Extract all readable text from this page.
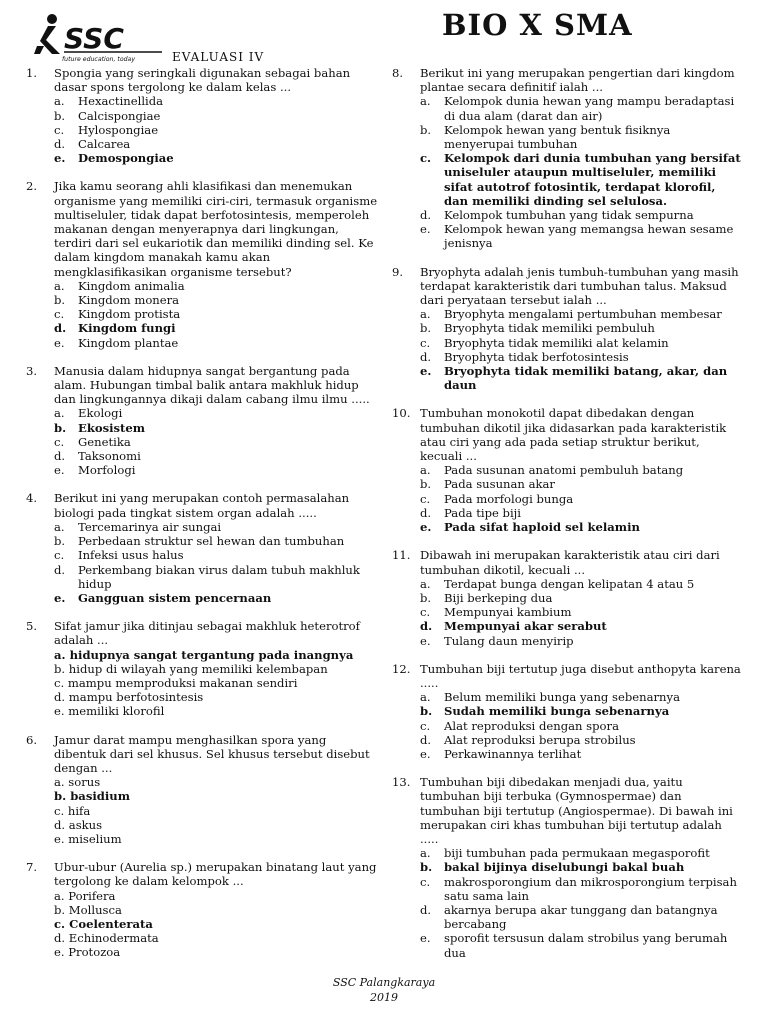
SSC
future education, today	EVALUASI IV
BIO X SMA
1. Spongia yang seringkali digunakan sebagai bahan dasar spons tergolong ke dalam kelas ...
a. Hexactinellida
b. Calcispongiae
c. Hylospongiae
d. Calcarea
e. Demospongiae
2. Jika kamu seorang ahli klasifikasi dan menemukan organisme yang memiliki ciri-ciri, termasuk organisme multiseluler, tidak dapat berfotosintesis, memperoleh makanan dengan menyerapnya dari lingkungan, terdiri dari sel eukariotik dan memiliki dinding sel. Ke dalam kingdom manakah kamu akan mengklasifikasikan organisme tersebut?
a. Kingdom animalia
b. Kingdom monera
c. Kingdom protista
d. Kingdom fungi
e. Kingdom plantae
3. Manusia dalam hidupnya sangat bergantung pada alam. Hubungan timbal balik antara makhluk hidup dan lingkungannya dikaji dalam cabang ilmu ilmu .....
a. Ekologi
b. Ekosistem
c. Genetika
d. Taksonomi
e. Morfologi
4. Berikut ini yang merupakan contoh permasalahan biologi pada tingkat sistem organ adalah .....
a. Tercemarinya air sungai
b. Perbedaan struktur sel hewan dan tumbuhan
c. Infeksi usus halus
d. Perkembang biakan virus dalam tubuh makhluk hidup
e. Gangguan sistem pencernaan
5. Sifat jamur jika ditinjau sebagai makhluk heterotrof adalah ...
a. hidupnya sangat tergantung pada inangnya
b. hidup di wilayah yang memiliki kelembapan
c. mampu memproduksi makanan sendiri
d. mampu berfotosintesis
e. memiliki klorofil
6. Jamur darat mampu menghasilkan spora yang dibentuk dari sel khusus. Sel khusus tersebut disebut dengan ...
a. sorus
b. basidium
c. hifa
d. askus
e. miselium
7. Ubur-ubur (Aurelia sp.) merupakan binatang laut yang tergolong ke dalam kelompok ...
a. Porifera
b. Mollusca
c. Coelenterata
d. Echinodermata
e. Protozoa
8. Berikut ini yang merupakan pengertian dari kingdom plantae secara definitif ialah ...
a. Kelompok dunia hewan yang mampu beradaptasi di dua alam (darat dan air)
b. Kelompok hewan yang bentuk fisiknya menyerupai tumbuhan
c. Kelompok dari dunia tumbuhan yang bersifat uniseluler ataupun multiseluler, memiliki sifat autotrof fotosintik, terdapat klorofil, dan memiliki dinding sel selulosa.
d. Kelompok tumbuhan yang tidak sempurna
e. Kelompok hewan yang memangsa hewan sesame jenisnya
9. Bryophyta adalah jenis tumbuh-tumbuhan yang masih terdapat karakteristik dari tumbuhan talus. Maksud dari peryataan tersebut ialah ...
a. Bryophyta mengalami pertumbuhan membesar
b. Bryophyta tidak memiliki pembuluh
c. Bryophyta tidak memiliki alat kelamin
d. Bryophyta tidak berfotosintesis
e. Bryophyta tidak memiliki batang, akar, dan daun
10. Tumbuhan monokotil dapat dibedakan dengan tumbuhan dikotil jika didasarkan pada karakteristik atau ciri yang ada pada setiap struktur berikut, kecuali ...
a. Pada susunan anatomi pembuluh batang
b. Pada susunan akar
c. Pada morfologi bunga
d. Pada tipe biji
e. Pada sifat haploid sel kelamin
11. Dibawah ini merupakan karakteristik atau ciri dari tumbuhan dikotil, kecuali ...
a. Terdapat bunga dengan kelipatan 4 atau 5
b. Biji berkeping dua
c. Mempunyai kambium
d. Mempunyai akar serabut
e. Tulang daun menyirip
12. Tumbuhan biji tertutup juga disebut anthopyta karena .....
a. Belum memiliki bunga yang sebenarnya
b. Sudah memiliki bunga sebenarnya
c. Alat reproduksi dengan spora
d. Alat reproduksi berupa strobilus
e. Perkawinannya terlihat
13. Tumbuhan biji dibedakan menjadi dua, yaitu tumbuhan biji terbuka (Gymnospermae) dan tumbuhan biji tertutup (Angiospermae). Di bawah ini merupakan ciri khas tumbuhan biji tertutup adalah .....
a. biji tumbuhan pada permukaan megasporofit
b. bakal bijinya diselubungi bakal buah
c. makrosporongium dan mikrosporongium terpisah satu sama lain
d. akarnya berupa akar tunggang dan batangnya bercabang
e. sporofit tersusun dalam strobilus yang berumah dua
SSC Palangkaraya
2019
